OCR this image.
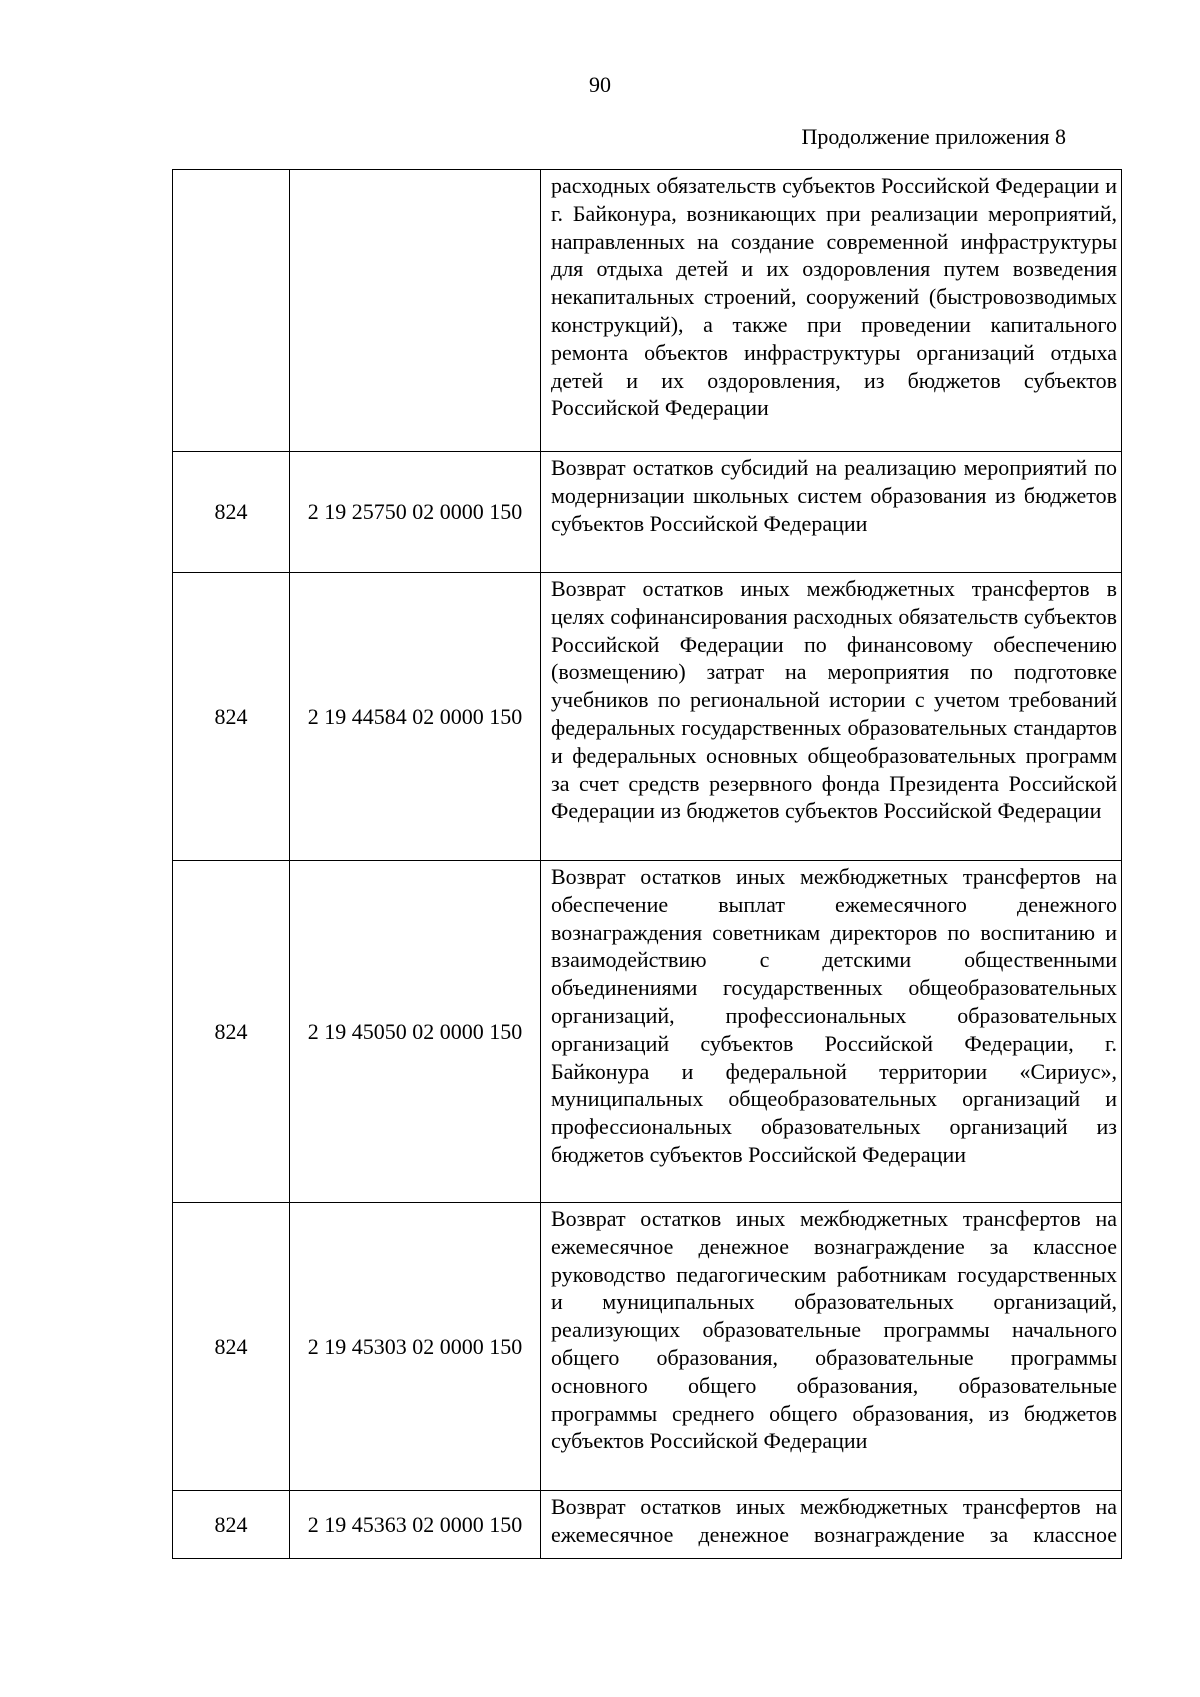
90
Продолжение приложения 8

		расходных обязательств субъектов Российской Федерации и г. Байконура, возникающих при реализации мероприятий, направленных на создание современной инфраструктуры для отдыха детей и их оздоровления путем возведения некапитальных строений, сооружений (быстровозводимых конструкций), а также при проведении капитального ремонта объектов инфраструктуры организаций отдыха детей и их оздоровления, из бюджетов субъектов Российской Федерации

824	2 19 25750 02 0000 150	Возврат остатков субсидий на реализацию мероприятий по модернизации школьных систем образования из бюджетов субъектов Российской Федерации

824	2 19 44584 02 0000 150	Возврат остатков иных межбюджетных трансфертов в целях софинансирования расходных обязательств субъектов Российской Федерации по финансовому обеспечению (возмещению) затрат на мероприятия по подготовке учебников по региональной истории с учетом требований федеральных государственных образовательных стандартов и федеральных основных общеобразовательных программ за счет средств резервного фонда Президента Российской Федерации из бюджетов субъектов Российской Федерации

824	2 19 45050 02 0000 150	Возврат остатков иных межбюджетных трансфертов на обеспечение выплат ежемесячного денежного вознаграждения советникам директоров по воспитанию и взаимодействию с детскими общественными объединениями государственных общеобразовательных организаций, профессиональных образовательных организаций субъектов Российской Федерации, г. Байконура и федеральной территории «Сириус», муниципальных общеобразовательных организаций и профессиональных образовательных организаций из бюджетов субъектов Российской Федерации

824	2 19 45303 02 0000 150	Возврат остатков иных межбюджетных трансфертов на ежемесячное денежное вознаграждение за классное руководство педагогическим работникам государственных и муниципальных образовательных организаций, реализующих образовательные программы начального общего образования, образовательные программы основного общего образования, образовательные программы среднего общего образования, из бюджетов субъектов Российской Федерации

824	2 19 45363 02 0000 150	Возврат остатков иных межбюджетных трансфертов на ежемесячное денежное вознаграждение за классное
